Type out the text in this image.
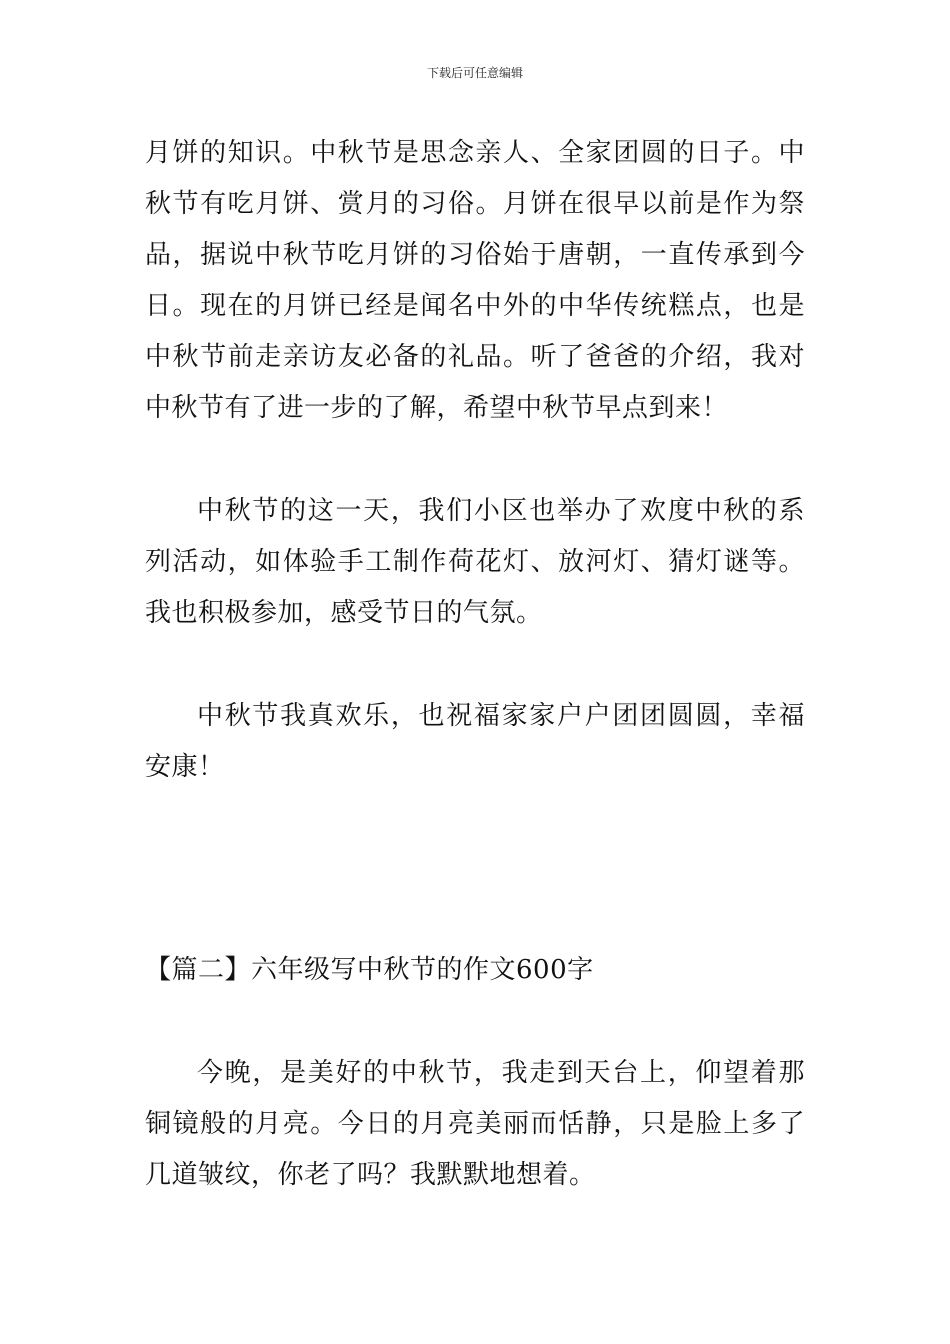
下载后可任意编辑

月饼的知识。中秋节是思念亲人、全家团圆的日子。中秋节有吃月饼、赏月的习俗。月饼在很早以前是作为祭品，据说中秋节吃月饼的习俗始于唐朝，一直传承到今日。现在的月饼已经是闻名中外的中华传统糕点，也是中秋节前走亲访友必备的礼品。听了爸爸的介绍，我对中秋节有了进一步的了解，希望中秋节早点到来！

中秋节的这一天，我们小区也举办了欢度中秋的系列活动，如体验手工制作荷花灯、放河灯、猜灯谜等。我也积极参加，感受节日的气氛。

中秋节我真欢乐，也祝福家家户户团团圆圆，幸福安康！

【篇二】六年级写中秋节的作文600字

今晚，是美好的中秋节，我走到天台上，仰望着那铜镜般的月亮。今日的月亮美丽而恬静，只是脸上多了几道皱纹，你老了吗？我默默地想着。
